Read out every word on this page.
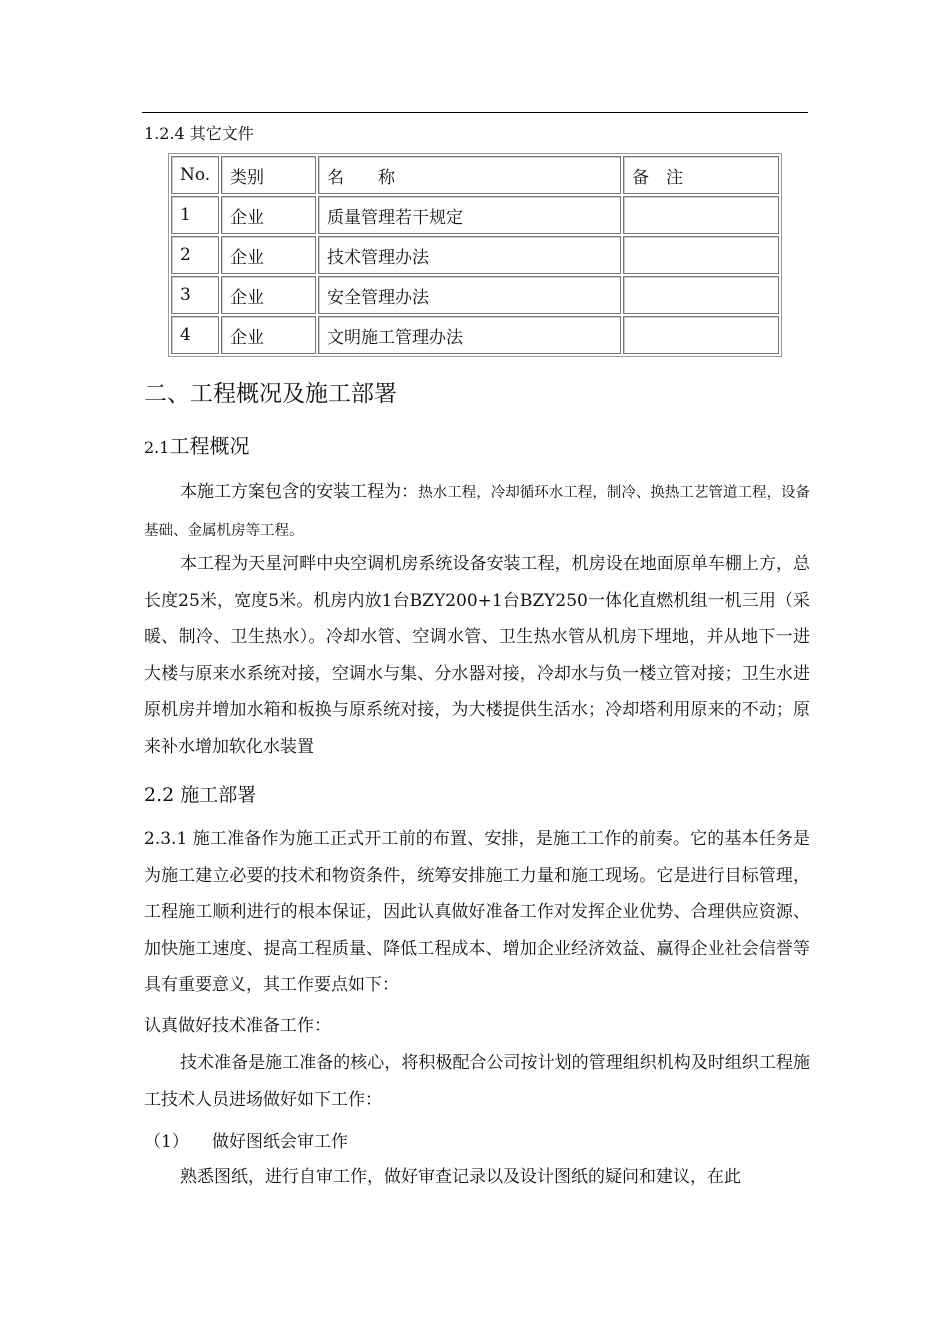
1.2.4 其它文件
No.	类别	名　　称	备　注
1	企业	质量管理若干规定	
2	企业	技术管理办法	
3	企业	安全管理办法	
4	企业	文明施工管理办法	
二、工程概况及施工部署
2.1工程概况
本施工方案包含的安装工程为：热水工程，冷却循环水工程，制冷、换热工艺管道工程，设备基础、金属机房等工程。
本工程为天星河畔中央空调机房系统设备安装工程，机房设在地面原单车棚上方，总长度25米，宽度5米。机房内放1台BZY200+1台BZY250一体化直燃机组一机三用（采暖、制冷、卫生热水）。冷却水管、空调水管、卫生热水管从机房下埋地，并从地下一进大楼与原来水系统对接，空调水与集、分水器对接，冷却水与负一楼立管对接；卫生水进原机房并增加水箱和板换与原系统对接，为大楼提供生活水；冷却塔利用原来的不动；原来补水增加软化水装置
2.2 施工部署
2.3.1 施工准备作为施工正式开工前的布置、安排，是施工工作的前奏。它的基本任务是为施工建立必要的技术和物资条件，统筹安排施工力量和施工现场。它是进行目标管理，工程施工顺利进行的根本保证，因此认真做好准备工作对发挥企业优势、合理供应资源、加快施工速度、提高工程质量、降低工程成本、增加企业经济效益、赢得企业社会信誉等具有重要意义，其工作要点如下：
认真做好技术准备工作：
技术准备是施工准备的核心，将积极配合公司按计划的管理组织机构及时组织工程施工技术人员进场做好如下工作：
（1） 做好图纸会审工作
熟悉图纸，进行自审工作，做好审查记录以及设计图纸的疑问和建议，在此
